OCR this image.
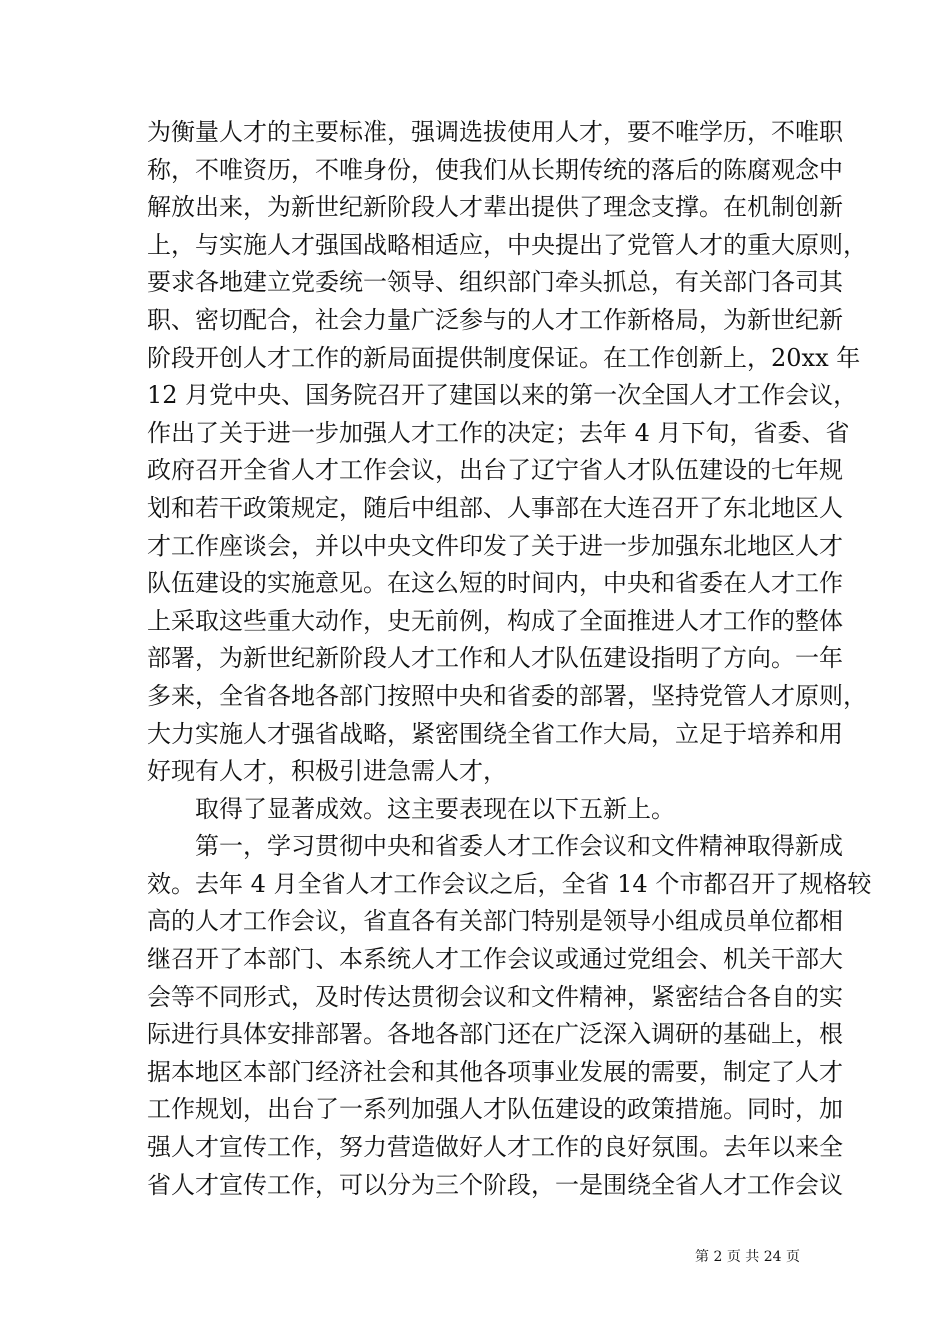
为衡量人才的主要标准，强调选拔使用人才，要不唯学历，不唯职
称，不唯资历，不唯身份，使我们从长期传统的落后的陈腐观念中
解放出来，为新世纪新阶段人才辈出提供了理念支撑。在机制创新
上，与实施人才强国战略相适应，中央提出了党管人才的重大原则，
要求各地建立党委统一领导、组织部门牵头抓总，有关部门各司其
职、密切配合，社会力量广泛参与的人才工作新格局，为新世纪新
阶段开创人才工作的新局面提供制度保证。在工作创新上，20xx 年
12 月党中央、国务院召开了建国以来的第一次全国人才工作会议，
作出了关于进一步加强人才工作的决定；去年 4 月下旬，省委、省
政府召开全省人才工作会议，出台了辽宁省人才队伍建设的七年规
划和若干政策规定，随后中组部、人事部在大连召开了东北地区人
才工作座谈会，并以中央文件印发了关于进一步加强东北地区人才
队伍建设的实施意见。在这么短的时间内，中央和省委在人才工作
上采取这些重大动作，史无前例，构成了全面推进人才工作的整体
部署，为新世纪新阶段人才工作和人才队伍建设指明了方向。一年
多来，全省各地各部门按照中央和省委的部署，坚持党管人才原则，
大力实施人才强省战略，紧密围绕全省工作大局，立足于培养和用
好现有人才，积极引进急需人才，
取得了显著成效。这主要表现在以下五新上。
第一，学习贯彻中央和省委人才工作会议和文件精神取得新成
效。去年 4 月全省人才工作会议之后，全省 14 个市都召开了规格较
高的人才工作会议，省直各有关部门特别是领导小组成员单位都相
继召开了本部门、本系统人才工作会议或通过党组会、机关干部大
会等不同形式，及时传达贯彻会议和文件精神，紧密结合各自的实
际进行具体安排部署。各地各部门还在广泛深入调研的基础上，根
据本地区本部门经济社会和其他各项事业发展的需要，制定了人才
工作规划，出台了一系列加强人才队伍建设的政策措施。同时，加
强人才宣传工作，努力营造做好人才工作的良好氛围。去年以来全
省人才宣传工作，可以分为三个阶段，一是围绕全省人才工作会议
第 2 页 共 24 页
